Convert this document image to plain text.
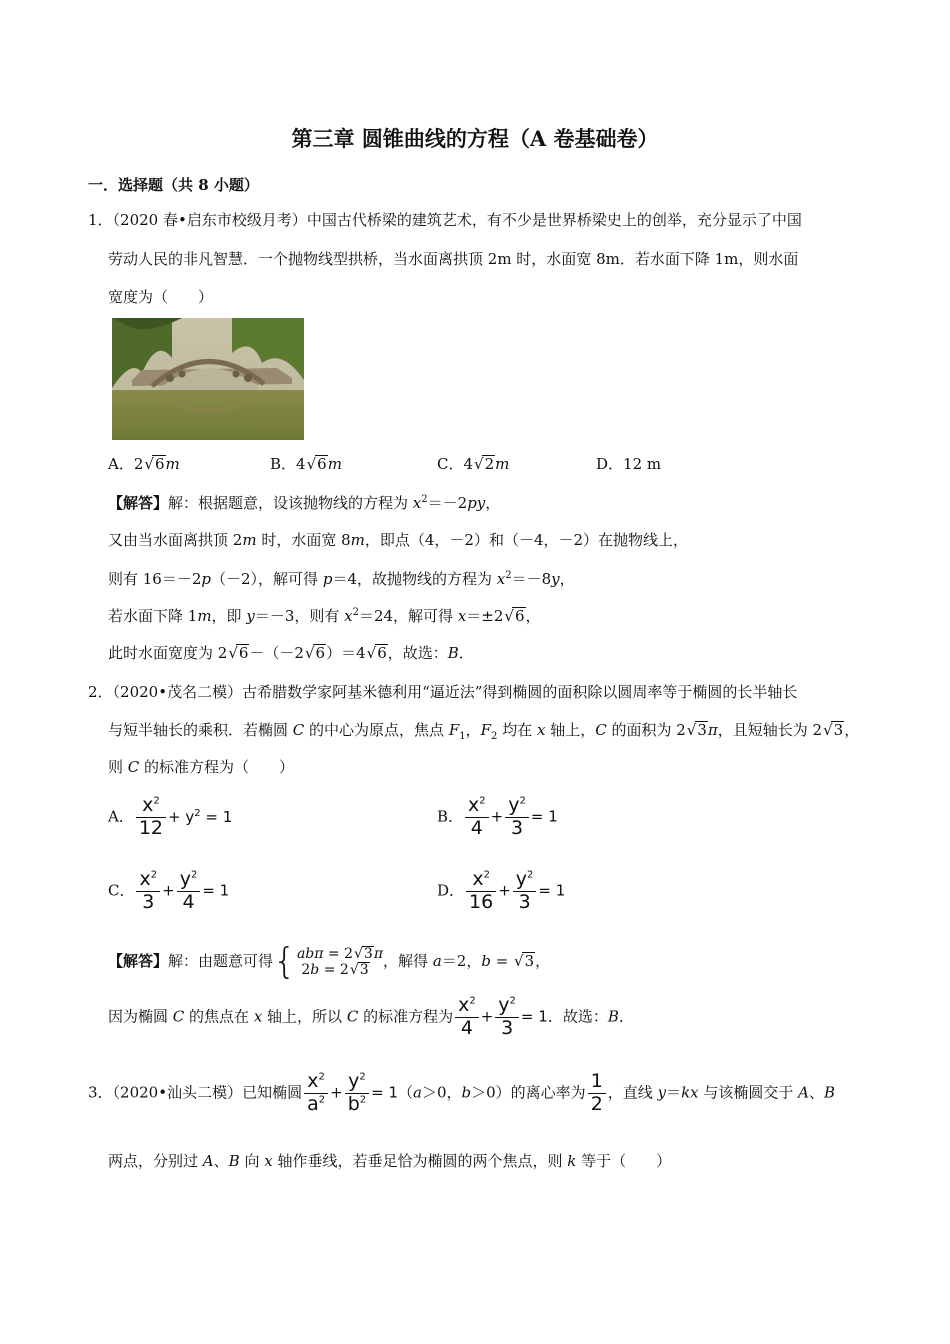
第三章 圆锥曲线的方程（A 卷基础卷）
一．选择题（共 8 小题）
1．（2020 春•启东市校级月考）中国古代桥梁的建筑艺术，有不少是世界桥梁史上的创举，充分显示了中国
劳动人民的非凡智慧．一个抛物线型拱桥，当水面离拱顶 2m 时，水面宽 8m．若水面下降 1m，则水面
宽度为（　　）
A．2 √ 6m	B．4 √ 6m	C．4 √ 2m	D．12 m
【解答】解：根据题意，设该抛物线的方程为 $x^2=-2py$，
又由当水面离拱顶 2m 时，水面宽 8m，即点（4，－2）和（－4，－2）在抛物线上，
则有 16＝－2p（－2），解可得 p＝4，故抛物线的方程为 $x^2=-8y$，
若水面下降 1m，即 y＝－3，则有 $x^2=24$，解可得 x＝±2 √ 6，
此时水面宽度为 2 √ 6－（－2 √ 6）＝4 √ 6，故选：B．
2．（2020•茂名二模）古希腊数学家阿基米德利用“逼近法”得到椭圆的面积除以圆周率等于椭圆的长半轴长
与短半轴长的乘积．若椭圆 C 的中心为原点，焦点 $F_1$，$F_2$ 均在 x 轴上，C 的面积为 2 √ 3π，且短轴长为 2 √ 3，
则 C 的标准方程为（　　）
A． $\frac{x^2}{12} + y^2 = 1$	B． $\frac{x^2}{4} + \frac{y^2}{3} = 1$
C． $\frac{x^2}{3} + \frac{y^2}{4} = 1$	D． $\frac{x^2}{16} + \frac{y^2}{3} = 1$
【解答】解：由题意可得 { abπ = 2 √ 3π
2b = 2 √ 3 ，解得 a＝2，b = √ 3，
因为椭圆 C 的焦点在 x 轴上，所以 C 的标准方程为 $\frac{x^2}{4} + \frac{y^2}{3} = 1$．故选：B．
3．（2020•汕头二模）已知椭圆 $\frac{x^2}{a^2} + \frac{y^2}{b^2} = 1(a>0$，b＞0）的离心率为 $\frac{1}{2}$ ，直线 y＝kx 与该椭圆交于 A、B
两点，分别过 A、B 向 x 轴作垂线，若垂足恰为椭圆的两个焦点，则 k 等于（　　）
